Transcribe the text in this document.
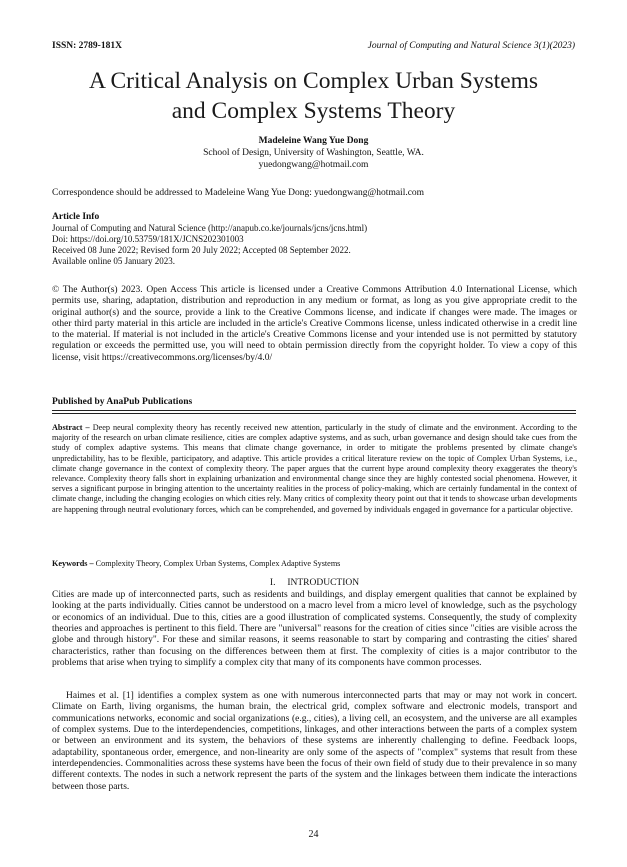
ISSN: 2789-181X	Journal of Computing and Natural Science 3(1)(2023)
A Critical Analysis on Complex Urban Systems
and Complex Systems Theory
Madeleine Wang Yue Dong
School of Design, University of Washington, Seattle, WA.
yuedongwang@hotmail.com
Correspondence should be addressed to Madeleine Wang Yue Dong: yuedongwang@hotmail.com
Article Info
Journal of Computing and Natural Science (http://anapub.co.ke/journals/jcns/jcns.html)
Doi: https://doi.org/10.53759/181X/JCNS202301003
Received 08 June 2022; Revised form 20 July 2022; Accepted 08 September 2022.
Available online 05 January 2023.
© The Author(s) 2023. Open Access This article is licensed under a Creative Commons Attribution 4.0 International License, which permits use, sharing, adaptation, distribution and reproduction in any medium or format, as long as you give appropriate credit to the original author(s) and the source, provide a link to the Creative Commons license, and indicate if changes were made. The images or other third party material in this article are included in the article's Creative Commons license, unless indicated otherwise in a credit line to the material. If material is not included in the article's Creative Commons license and your intended use is not permitted by statutory regulation or exceeds the permitted use, you will need to obtain permission directly from the copyright holder. To view a copy of this license, visit https://creativecommons.org/licenses/by/4.0/
Published by AnaPub Publications
Abstract – Deep neural complexity theory has recently received new attention, particularly in the study of climate and the environment. According to the majority of the research on urban climate resilience, cities are complex adaptive systems, and as such, urban governance and design should take cues from the study of complex adaptive systems. This means that climate change governance, in order to mitigate the problems presented by climate change's unpredictability, has to be flexible, participatory, and adaptive. This article provides a critical literature review on the topic of Complex Urban Systems, i.e., climate change governance in the context of complexity theory. The paper argues that the current hype around complexity theory exaggerates the theory's relevance. Complexity theory falls short in explaining urbanization and environmental change since they are highly contested social phenomena. However, it serves a significant purpose in bringing attention to the uncertainty realities in the process of policy-making, which are certainly fundamental in the context of climate change, including the changing ecologies on which cities rely. Many critics of complexity theory point out that it tends to showcase urban developments are happening through neutral evolutionary forces, which can be comprehended, and governed by individuals engaged in governance for a particular objective.
Keywords – Complexity Theory, Complex Urban Systems, Complex Adaptive Systems
I.     INTRODUCTION
Cities are made up of interconnected parts, such as residents and buildings, and display emergent qualities that cannot be explained by looking at the parts individually. Cities cannot be understood on a macro level from a micro level of knowledge, such as the psychology or economics of an individual. Due to this, cities are a good illustration of complicated systems. Consequently, the study of complexity theories and approaches is pertinent to this field. There are "universal" reasons for the creation of cities since "cities are visible across the globe and through history". For these and similar reasons, it seems reasonable to start by comparing and contrasting the cities' shared characteristics, rather than focusing on the differences between them at first. The complexity of cities is a major contributor to the problems that arise when trying to simplify a complex city that many of its components have common processes.
Haimes et al. [1] identifies a complex system as one with numerous interconnected parts that may or may not work in concert. Climate on Earth, living organisms, the human brain, the electrical grid, complex software and electronic models, transport and communications networks, economic and social organizations (e.g., cities), a living cell, an ecosystem, and the universe are all examples of complex systems. Due to the interdependencies, competitions, linkages, and other interactions between the parts of a complex system or between an environment and its system, the behaviors of these systems are inherently challenging to define. Feedback loops, adaptability, spontaneous order, emergence, and non-linearity are only some of the aspects of "complex" systems that result from these interdependencies. Commonalities across these systems have been the focus of their own field of study due to their prevalence in so many different contexts. The nodes in such a network represent the parts of the system and the linkages between them indicate the interactions between those parts.
24
